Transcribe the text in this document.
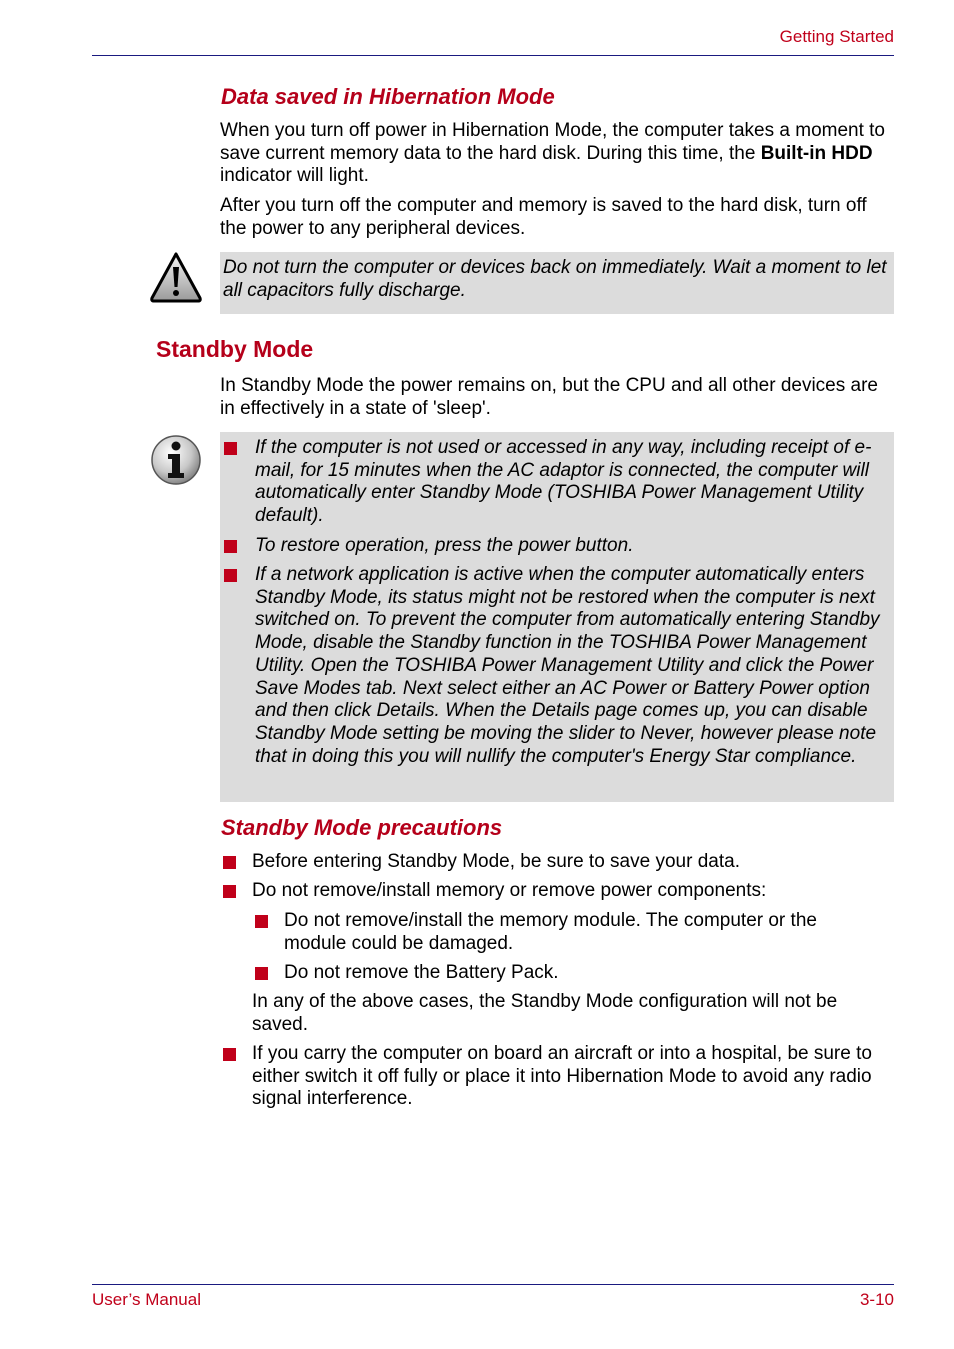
Getting Started
Data saved in Hibernation Mode

When you turn off power in Hibernation Mode, the computer takes a moment to save current memory data to the hard disk. During this time, the Built-in HDD indicator will light.

After you turn off the computer and memory is saved to the hard disk, turn off the power to any peripheral devices.
Do not turn the computer or devices back on immediately. Wait a moment to let all capacitors fully discharge.
Standby Mode
In Standby Mode the power remains on, but the CPU and all other devices are in effectively in a state of 'sleep'.
If the computer is not used or accessed in any way, including receipt of e-mail, for 15 minutes when the AC adaptor is connected, the computer will automatically enter Standby Mode (TOSHIBA Power Management Utility default).
To restore operation, press the power button.
If a network application is active when the computer automatically enters Standby Mode, its status might not be restored when the computer is next switched on. To prevent the computer from automatically entering Standby Mode, disable the Standby function in the TOSHIBA Power Management Utility. Open the TOSHIBA Power Management Utility and click the Power Save Modes tab. Next select either an AC Power or Battery Power option and then click Details. When the Details page comes up, you can disable Standby Mode setting be moving the slider to Never, however please note that in doing this you will nullify the computer's Energy Star compliance.
Standby Mode precautions
Before entering Standby Mode, be sure to save your data.
Do not remove/install memory or remove power components:
Do not remove/install the memory module. The computer or the module could be damaged.
Do not remove the Battery Pack.
In any of the above cases, the Standby Mode configuration will not be saved.
If you carry the computer on board an aircraft or into a hospital, be sure to either switch it off fully or place it into Hibernation Mode to avoid any radio signal interference.
User’s Manual	3-10
